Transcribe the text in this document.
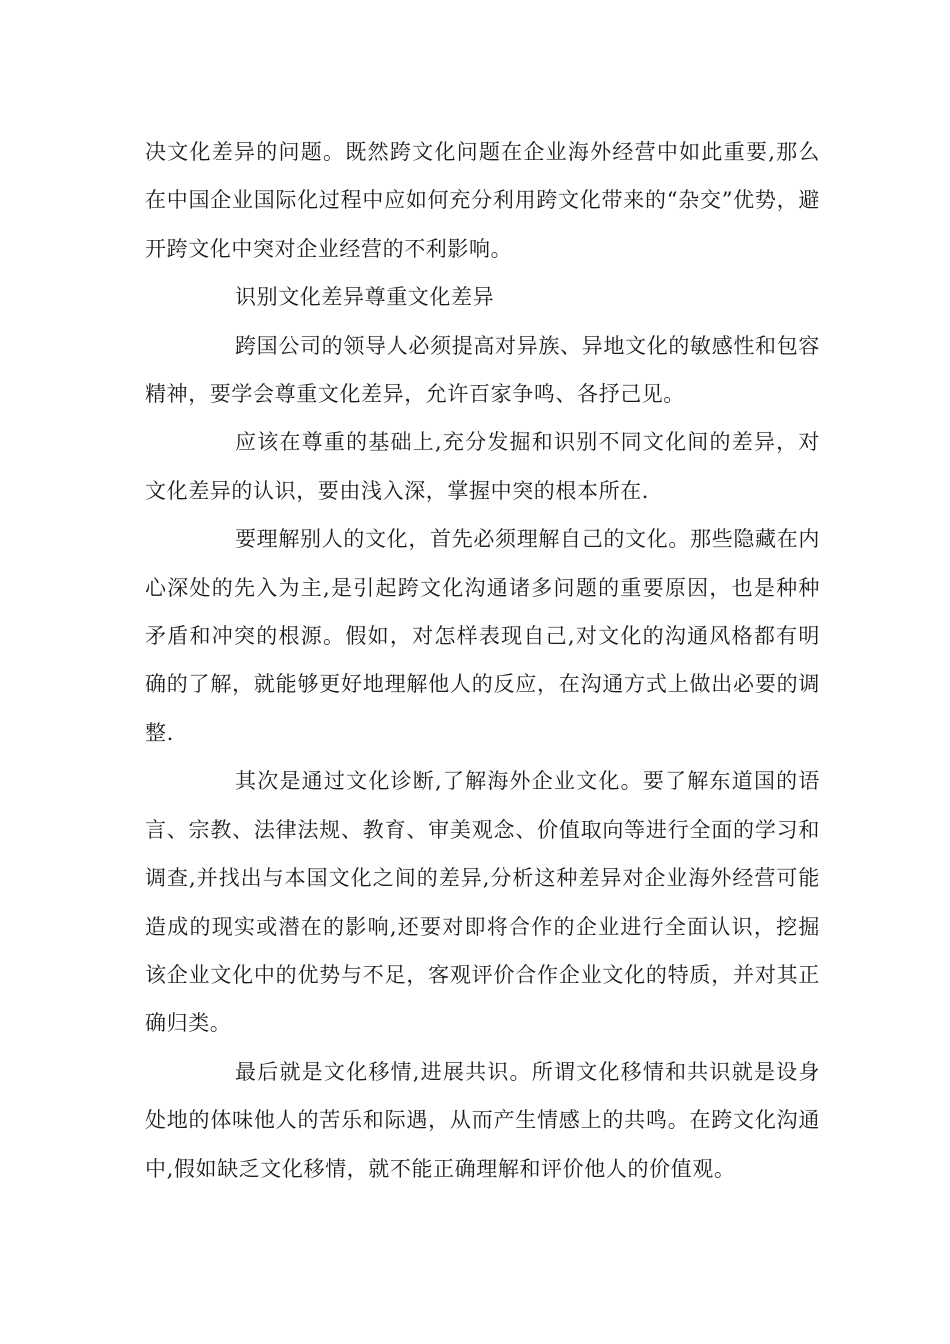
决文化差异的问题。既然跨文化问题在企业海外经营中如此重要,那么在中国企业国际化过程中应如何充分利用跨文化带来的“杂交”优势，避开跨文化中突对企业经营的不利影响。

识别文化差异尊重文化差异

跨国公司的领导人必须提高对异族、异地文化的敏感性和包容精神，要学会尊重文化差异，允许百家争鸣、各抒己见。

应该在尊重的基础上,充分发掘和识别不同文化间的差异，对文化差异的认识，要由浅入深，掌握中突的根本所在.

要理解别人的文化，首先必须理解自己的文化。那些隐藏在内心深处的先入为主,是引起跨文化沟通诸多问题的重要原因，也是种种矛盾和冲突的根源。假如，对怎样表现自己,对文化的沟通风格都有明确的了解，就能够更好地理解他人的反应，在沟通方式上做出必要的调整.

其次是通过文化诊断,了解海外企业文化。要了解东道国的语言、宗教、法律法规、教育、审美观念、价值取向等进行全面的学习和调查,并找出与本国文化之间的差异,分析这种差异对企业海外经营可能造成的现实或潜在的影响,还要对即将合作的企业进行全面认识，挖掘该企业文化中的优势与不足，客观评价合作企业文化的特质，并对其正确归类。

最后就是文化移情,进展共识。所谓文化移情和共识就是设身处地的体味他人的苦乐和际遇，从而产生情感上的共鸣。在跨文化沟通中,假如缺乏文化移情，就不能正确理解和评价他人的价值观。
